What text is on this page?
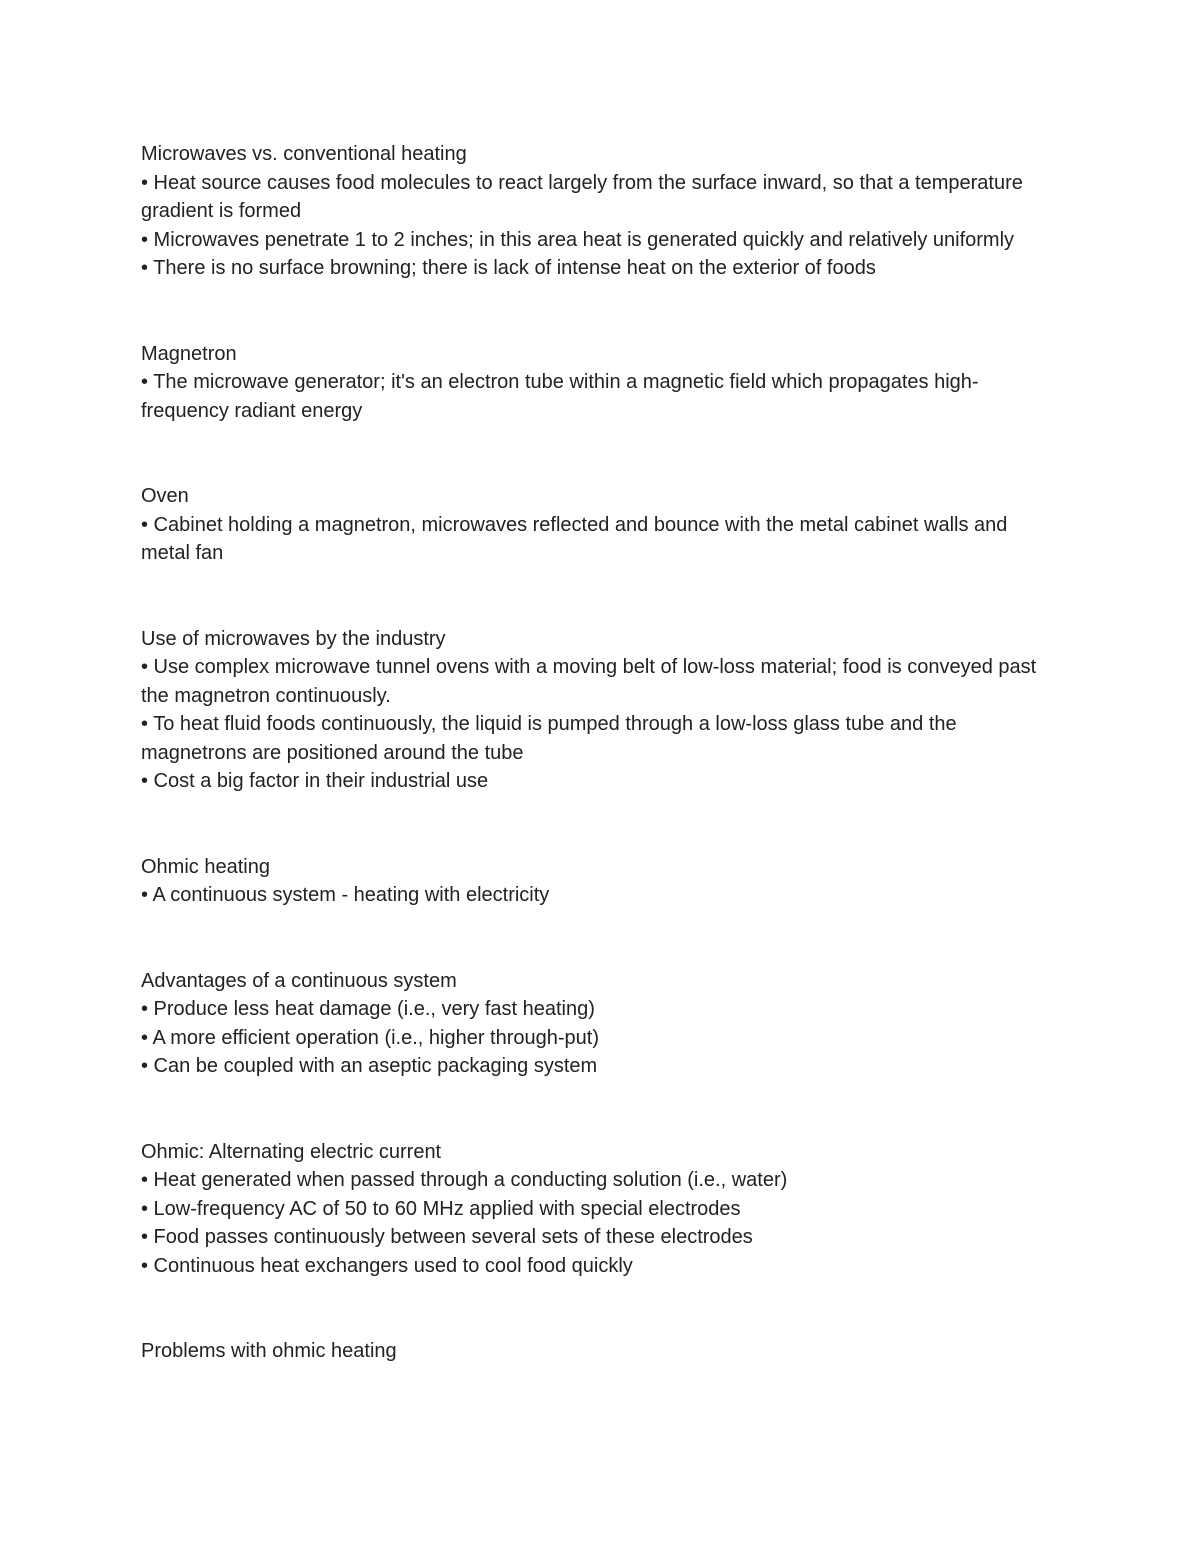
Microwaves vs. conventional heating
• Heat source causes food molecules to react largely from the surface inward, so that a temperature gradient is formed
• Microwaves penetrate 1 to 2 inches; in this area heat is generated quickly and relatively uniformly
• There is no surface browning; there is lack of intense heat on the exterior of foods
Magnetron
• The microwave generator; it's an electron tube within a magnetic field which propagates high-frequency radiant energy
Oven
• Cabinet holding a magnetron, microwaves reflected and bounce with the metal cabinet walls and metal fan
Use of microwaves by the industry
• Use complex microwave tunnel ovens with a moving belt of low-loss material; food is conveyed past the magnetron continuously.
• To heat fluid foods continuously, the liquid is pumped through a low-loss glass tube and the magnetrons are positioned around the tube
• Cost a big factor in their industrial use
Ohmic heating
• A continuous system - heating with electricity
Advantages of a continuous system
• Produce less heat damage (i.e., very fast heating)
• A more efficient operation (i.e., higher through-put)
• Can be coupled with an aseptic packaging system
Ohmic: Alternating electric current
• Heat generated when passed through a conducting solution (i.e., water)
• Low-frequency AC of 50 to 60 MHz applied with special electrodes
• Food passes continuously between several sets of these electrodes
• Continuous heat exchangers used to cool food quickly
Problems with ohmic heating
